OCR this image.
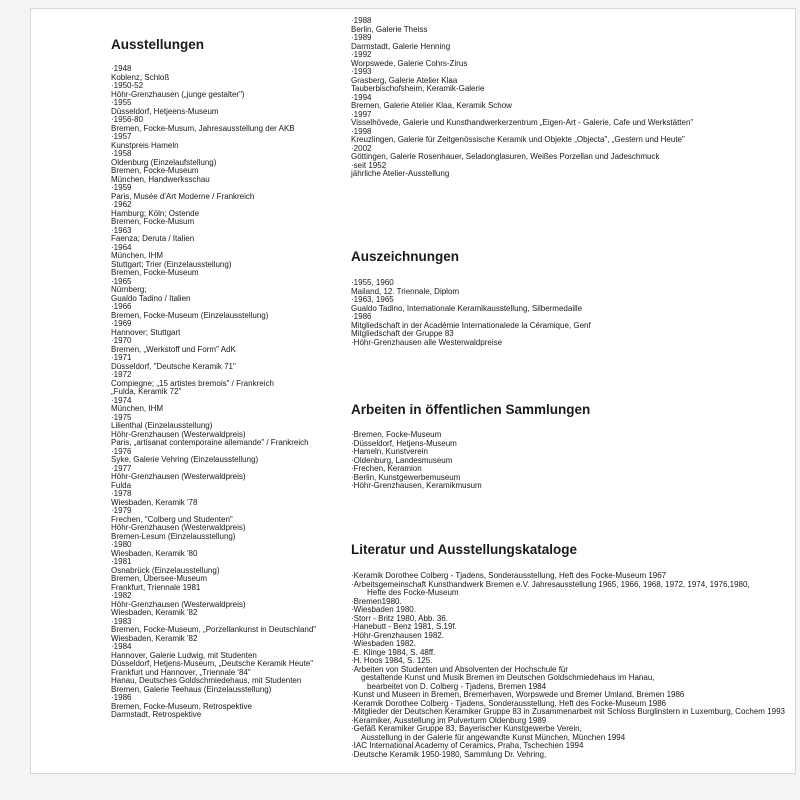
Ausstellungen
· 1948
Koblenz, Schloß
· 1950-52
Höhr-Grenzhausen („junge gestalter")
· 1955
Düsseldorf, Hetjeens-Museum
· 1956-80
Bremen, Focke-Musum, Jahresausstellung der AKB
· 1957
Kunstpreis Hameln
· 1958
Oldenburg (Einzelaufstellung)
Bremen, Focke-Museum
München, Handwerksschau
· 1959
Paris, Musée d'Art Moderne / Frankreich
· 1962
Hamburg; Köln; Ostende
Bremen, Focke-Musum
· 1963
Faenza; Deruta / Italien
· 1964
München, IHM
Stuttgart; Trier (Einzelausstellung)
Bremen, Focke-Museum
· 1965
Nürnberg;
Gualdo Tadino / Italien
· 1966
Bremen, Focke-Museum (Einzelausstellung)
· 1969
Hannover; Stuttgart
· 1970
Bremen, „Werkstoff und Form" AdK
· 1971
Düsseldorf, "Deutsche Keramik 71"
· 1972
Compiegne; „15 artistes bremois" / Frankreich
„Fulda, Keramik 72"
· 1974
München, IHM
· 1975
Lilienthal (Einzelausstellung)
Höhr-Grenzhausen (Westerwaldpreis)
Paris, „artisanat contemporaine allemande" / Frankreich
· 1976
Syke, Galerie Vehring (Einzelausstellung)
· 1977
Höhr-Grenzhausen (Westerwaldpreis)
Fulda
· 1978
Wiesbaden, Keramik '78
· 1979
Frechen, "Colberg und Studenten"
Höhr-Grenzhausen (Westerwaldpreis)
Bremen-Lesum (Einzelausstellung)
· 1980
Wiesbaden, Keramik '80
· 1981
Osnabrück (Einzelausstellung)
Bremen, Übersee-Museum
Frankfurt, Triennale 1981
· 1982
Höhr-Grenzhausen (Westerwaldpreis)
Wiesbaden, Keramik '82
· 1983
Bremen, Focke-Museum, „Porzellankunst in Deutschland"
Wiesbaden, Keramik '82
· 1984
Hannover, Galerie Ludwig, mit Studenten
Düsseldorf, Hetjens-Museum, „Deutsche Keramik Heute"
Frankfurt und Hannover, „Triennale '84"
Hanau, Deutsches Goldschmiedehaus, mit Studenten
Bremen, Galerie Teehaus (Einzelausstellung)
· 1986
Bremen, Focke-Museum, Retrospektive
Darmstadt, Retrospektive
· 1988
Berlin, Galerie Theiss
· 1989
Darmstadt, Galerie Henning
· 1992
Worpswede, Galerie Cohrs-Zirus
· 1993
Grasberg, Galerie Atelier Klaa
Tauberbischofsheim, Keramik-Galerie
· 1994
Bremen, Galerie Atelier Klaa, Keramik Schow
· 1997
Visselhövede, Galerie und Kunsthandwerkerzentrum „Eigen-Art - Galerie, Cafe und Werkstätten"
· 1998
Kreuzlingen, Galerie für Zeitgenössische Keramik und Objekte „Objecta", „Gestern und Heute"
· 2002
Göttingen, Galerie Rosenhauer, Seladonglasuren, Weißes Porzellan und Jadeschmuck
· seit 1952
jährliche Atelier-Ausstellung
Auszeichnungen
· 1955, 1960
Mailand, 12. Triennale, Diplom
· 1963, 1965
Gualdo Tadino, Internationale Keramikausstellung, Silbermedaille
· 1986
Mitgliedschaft in der Académie Internationalede la Céramique, Genf
Mitgliedschaft der Gruppe 83
· Höhr-Grenzhausen alle Westerwaldpreise
Arbeiten in öffentlichen Sammlungen
· Bremen, Focke-Museum
· Düsseldorf, Hetjens-Museum
· Hameln, Kunstverein
· Oldenburg, Landesmuseum
· Frechen, Keramion
· Berlin, Kunstgewerbemuseum
· Höhr-Grenzhausen, Keramikmusum
Literatur und Ausstellungskataloge
· Keramik Dorothee Colberg - Tjadens, Sonderausstellung, Heft des Focke-Museum 1967
· Arbeitsgemeinschaft Kunsthandwerk Bremen e.V. Jahresausstellung 1965, 1966, 1968, 1972, 1974, 1976,1980,
Hefte des Focke-Museum
· Bremen1980.
· Wiesbaden 1980.
· Storr - Britz 1980, Abb. 36.
· Hanebutt - Benz 1981, S.19f.
· Höhr-Grenzhausen 1982.
· Wiesbaden 1982.
· E. Klinge 1984, S. 48ff.
· H. Hoos 1984, S. 125.
· Arbeiten von Studenten und Absolventen der Hochschule für
gestaltende Kunst und Musik Bremen im Deutschen Goldschmiedehaus im Hanau,
bearbeitet von D. Colberg - Tjadens, Bremen 1984
· Kunst und Museen in Bremen, Bremerhaven, Worpswede und Bremer Umland, Bremen 1986
· Keramik Dorothee Colberg - Tjadens, Sonderausstellung, Heft des Focke-Museum 1986
· Mitglieder der Deutschen Keramiker Gruppe 83 in Zusammenarbeit mit Schloss Burglinstern in Luxemburg, Cochem 1993
· Keramiker, Ausstellung im Pulverturm Oldenburg 1989
· Gefäß Keramiker Gruppe 83, Bayerischer Kunstgewerbe Verein,
Ausstellung in der Galerie für angewandte Kunst München, München 1994
· IAC International Academy of Ceramics, Praha, Tschechien 1994
· Deutsche Keramik 1950-1980, Sammlung Dr. Vehring,
